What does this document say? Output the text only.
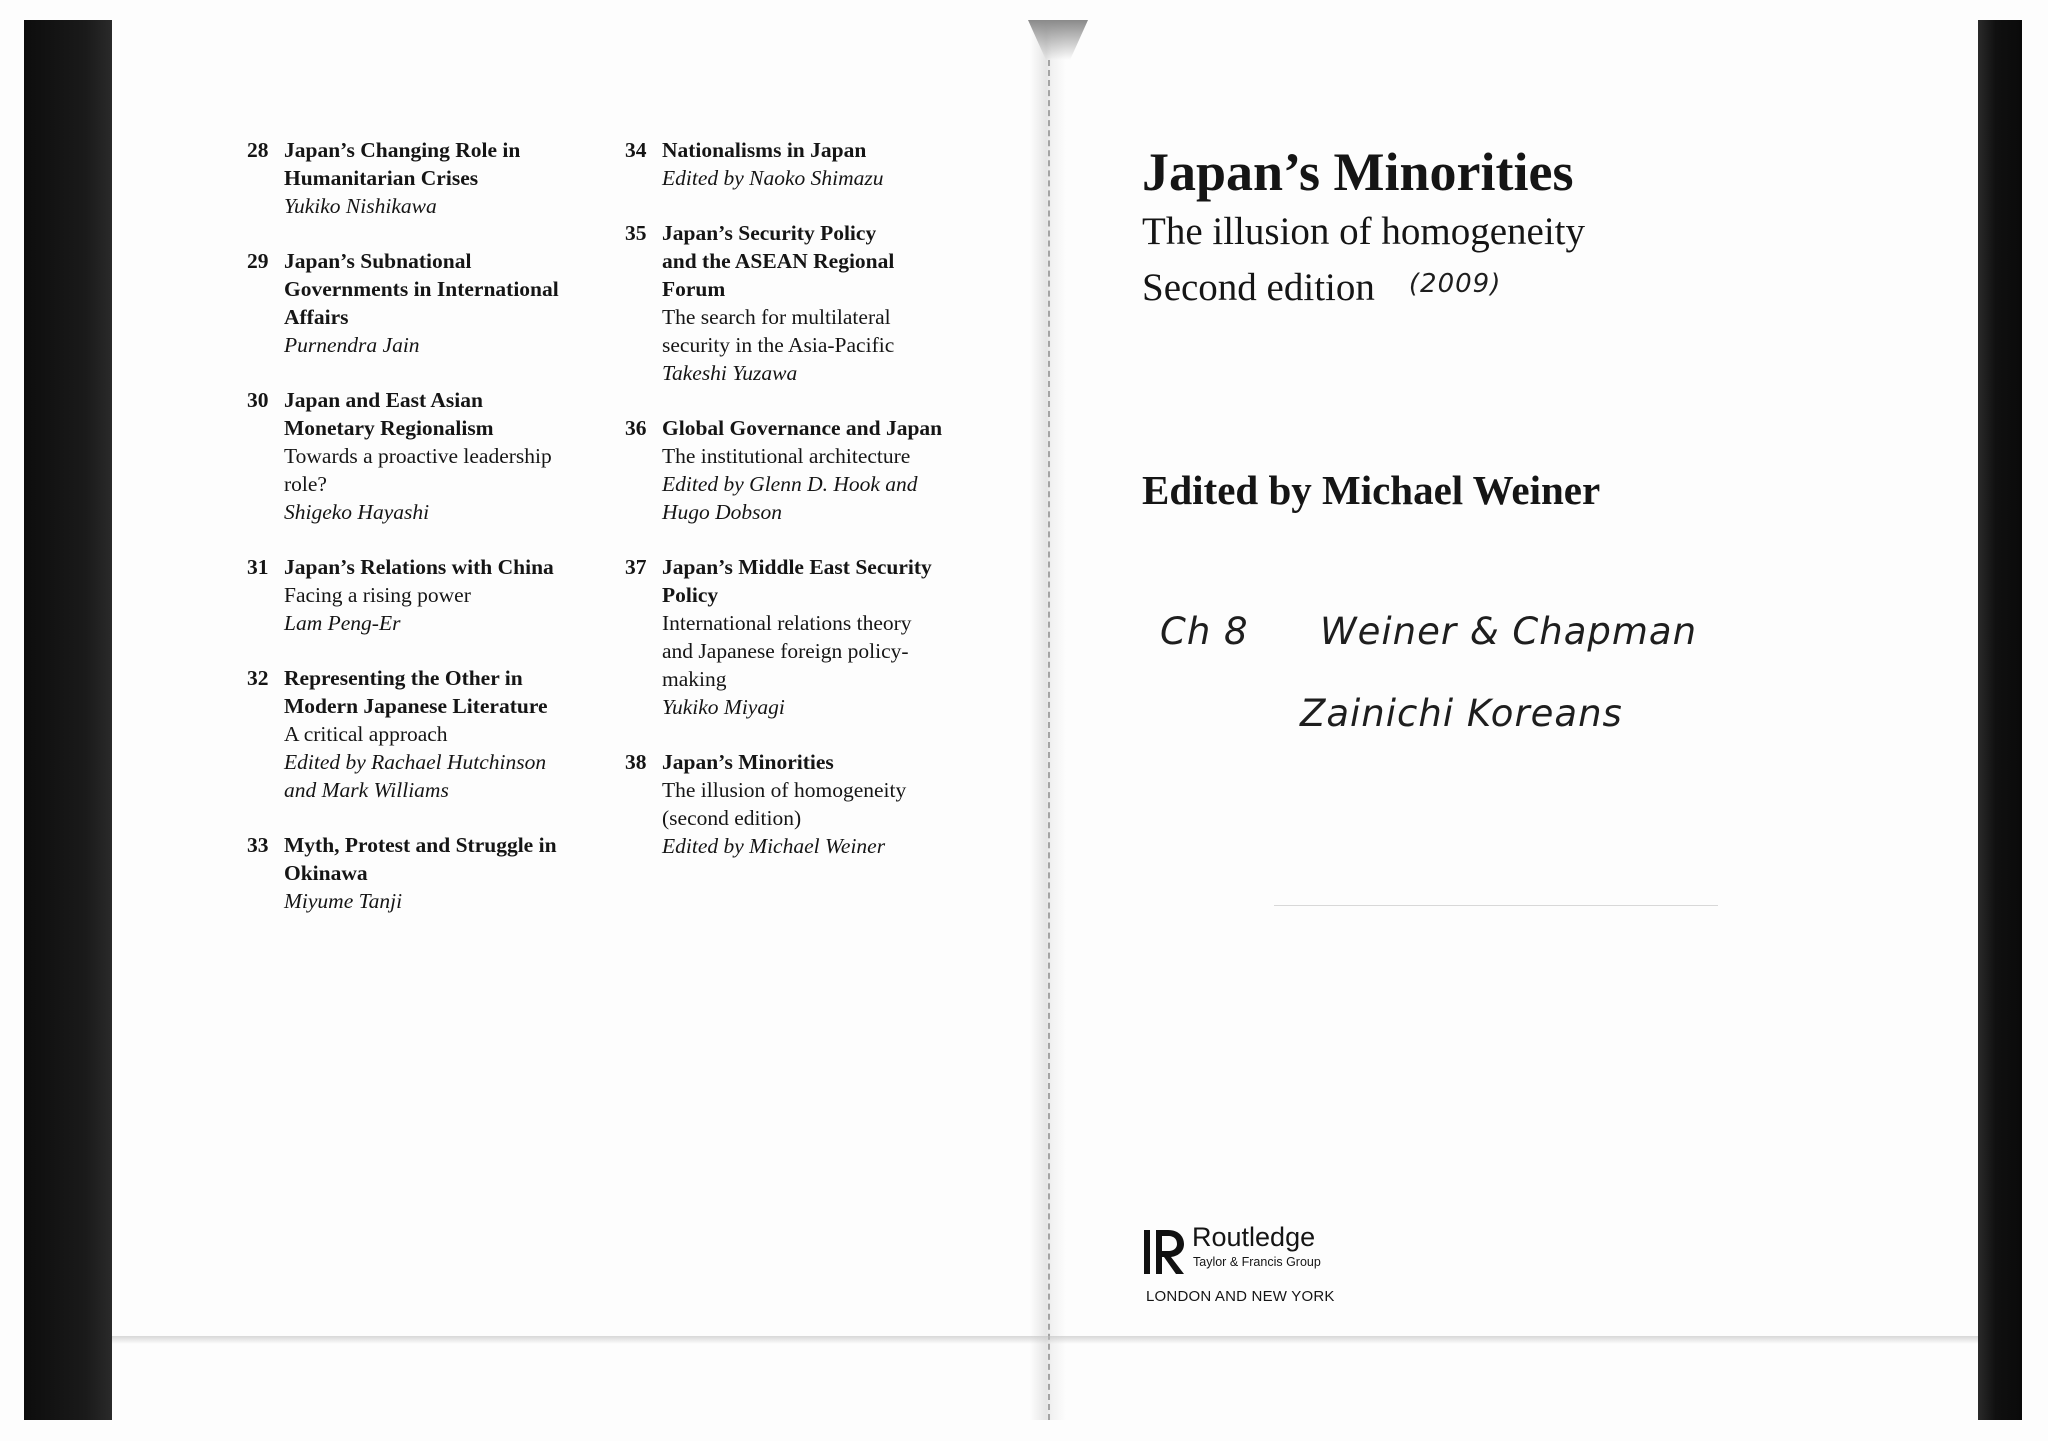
28 Japan’s Changing Role in
Humanitarian Crises
Yukiko Nishikawa
29 Japan’s Subnational
Governments in International
Affairs
Purnendra Jain
30 Japan and East Asian
Monetary Regionalism
Towards a proactive leadership
role?
Shigeko Hayashi
31 Japan’s Relations with China
Facing a rising power
Lam Peng-Er
32 Representing the Other in
Modern Japanese Literature
A critical approach
Edited by Rachael Hutchinson
and Mark Williams
33 Myth, Protest and Struggle in
Okinawa
Miyume Tanji
34 Nationalisms in Japan
Edited by Naoko Shimazu
35 Japan’s Security Policy
and the ASEAN Regional
Forum
The search for multilateral
security in the Asia-Pacific
Takeshi Yuzawa
36 Global Governance and Japan
The institutional architecture
Edited by Glenn D. Hook and
Hugo Dobson
37 Japan’s Middle East Security
Policy
International relations theory
and Japanese foreign policy-
making
Yukiko Miyagi
38 Japan’s Minorities
The illusion of homogeneity
(second edition)
Edited by Michael Weiner
Japan’s Minorities

The illusion of homogeneity

Second edition $^{(2009)}$

Edited by Michael Weiner

Ch 8 Weiner & Chapman
Zainichi Koreans
Routledge
Taylor & Francis Group
LONDON AND NEW YORK
